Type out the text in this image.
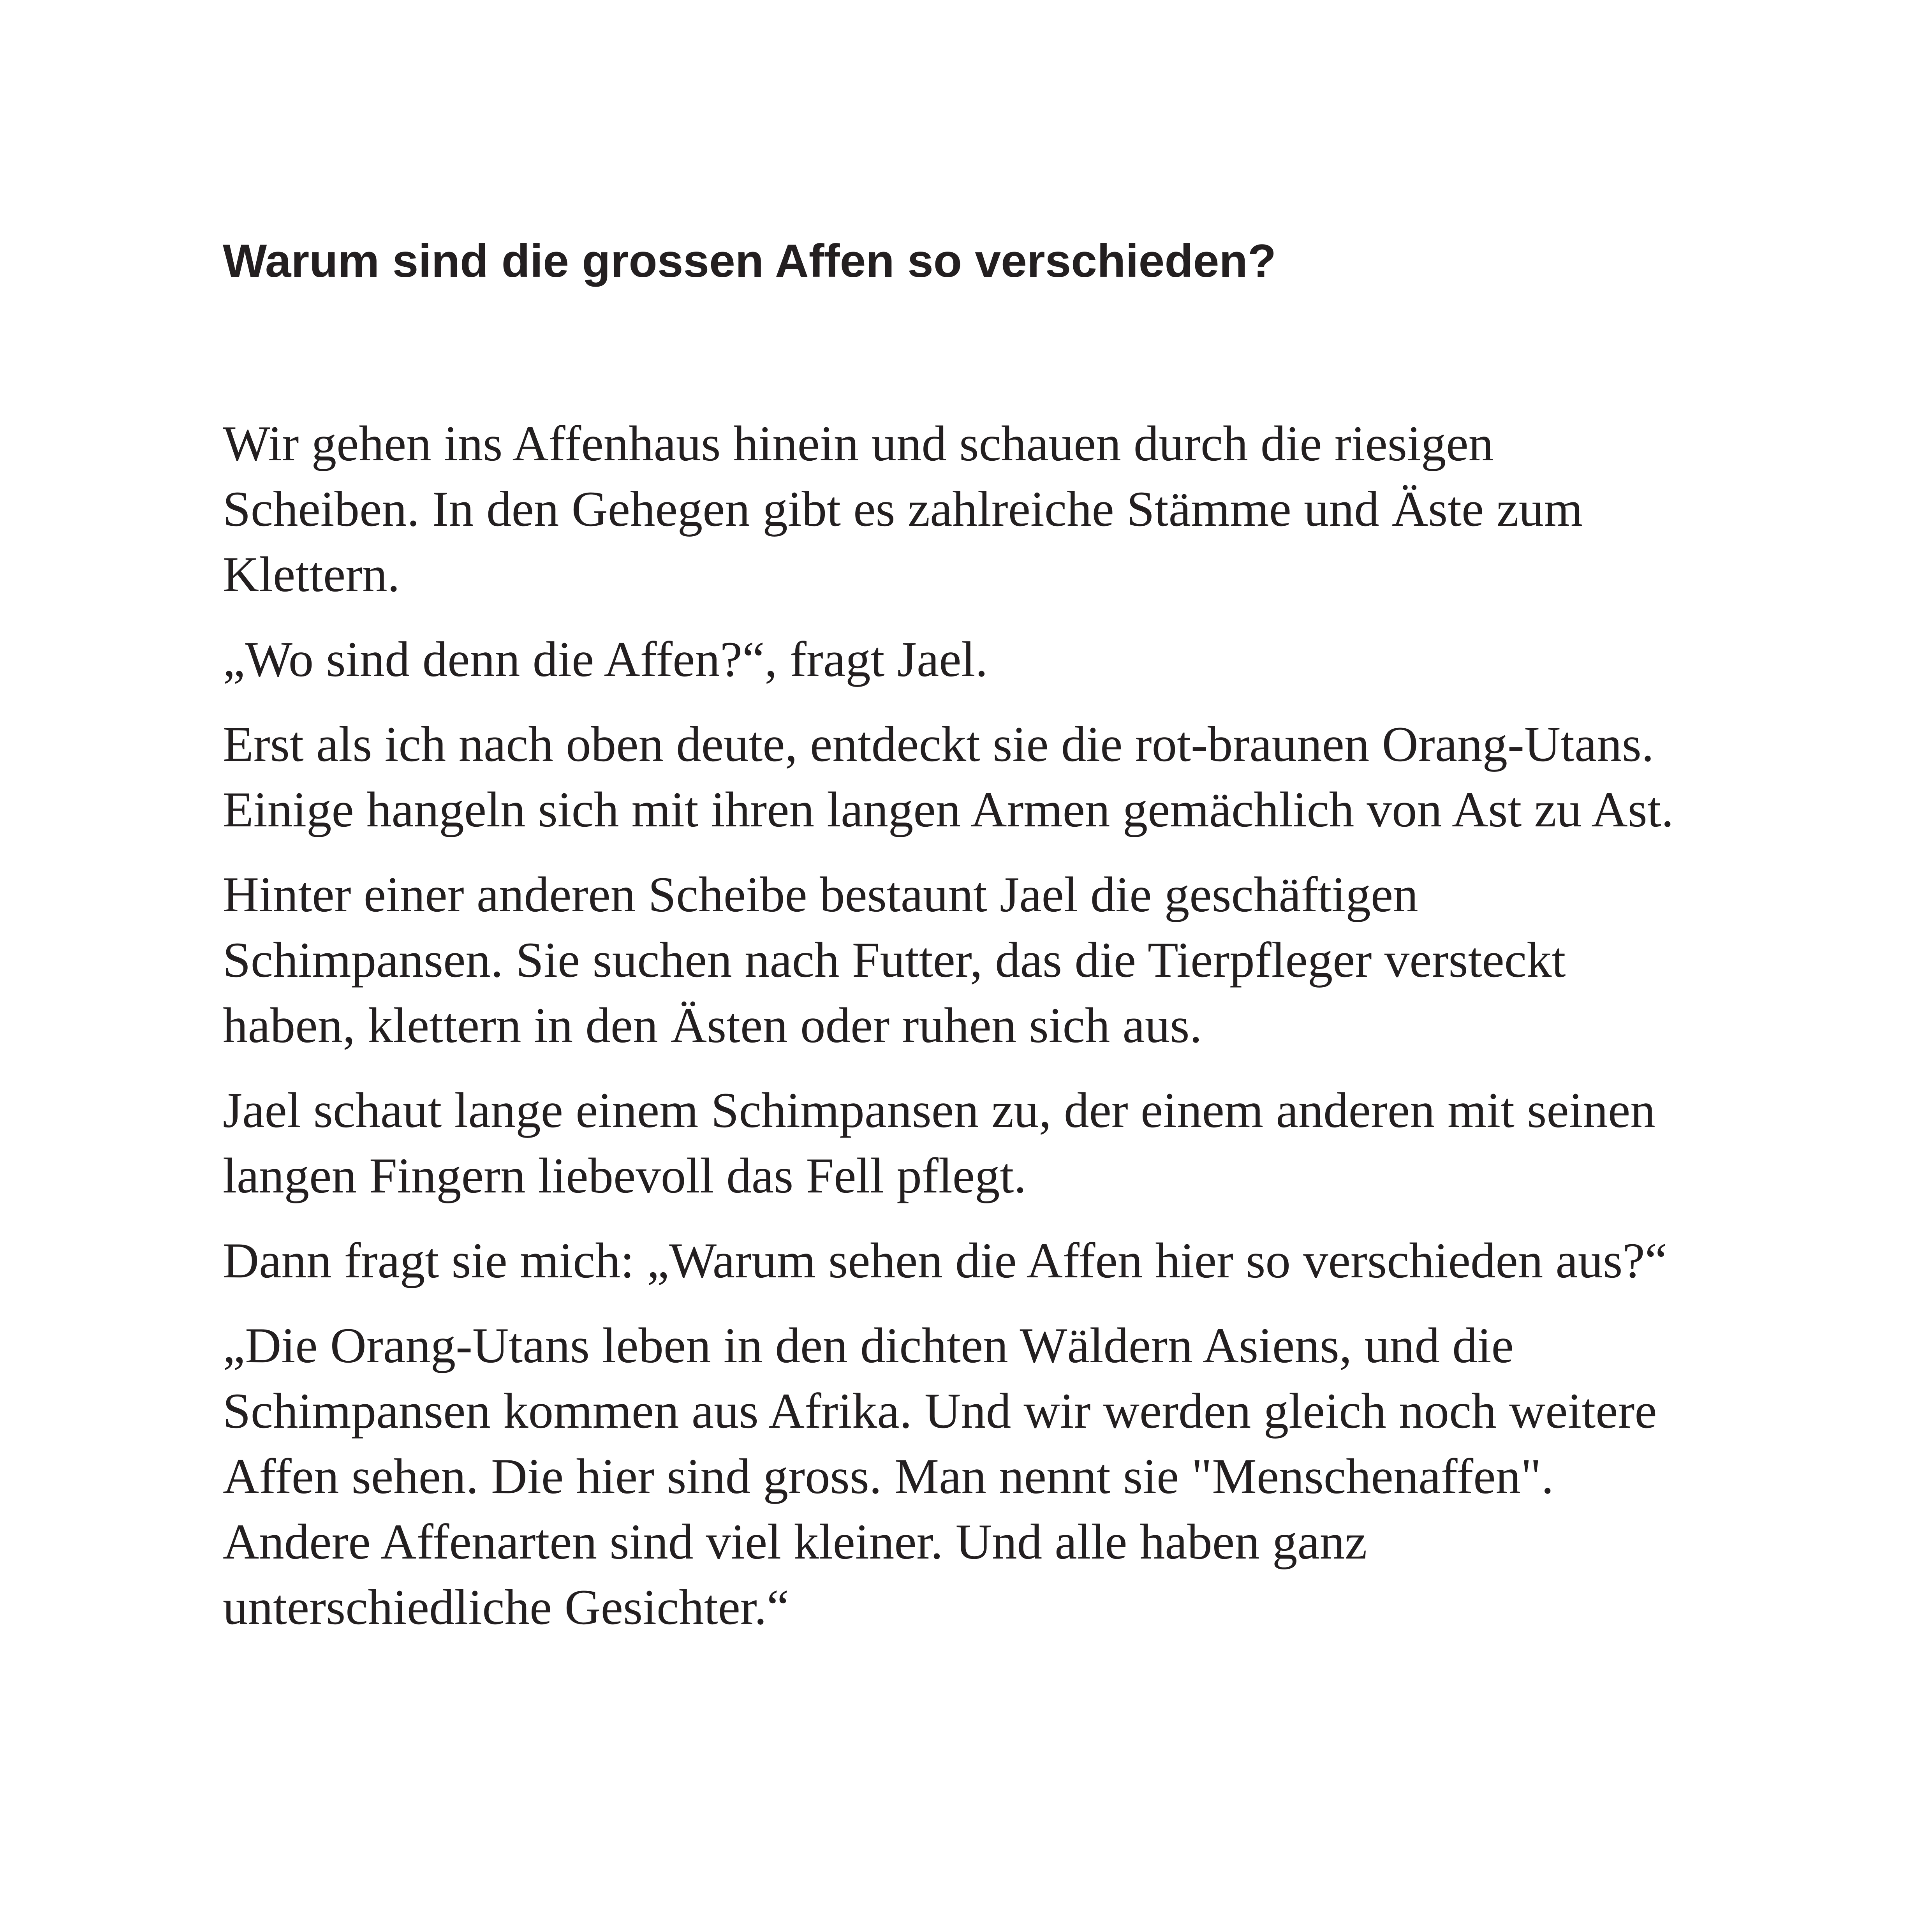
Warum sind die grossen Affen so verschieden?

Wir gehen ins Affenhaus hinein und schauen durch die riesigen
Scheiben. In den Gehegen gibt es zahlreiche Stämme und Äste zum
Klettern.

„Wo sind denn die Affen?“, fragt Jael.

Erst als ich nach oben deute, entdeckt sie die rot-braunen Orang-Utans.
Einige hangeln sich mit ihren langen Armen gemächlich von Ast zu Ast.

Hinter einer anderen Scheibe bestaunt Jael die geschäftigen
Schimpansen. Sie suchen nach Futter, das die Tierpfleger versteckt
haben, klettern in den Ästen oder ruhen sich aus.

Jael schaut lange einem Schimpansen zu, der einem anderen mit seinen
langen Fingern liebevoll das Fell pflegt.

Dann fragt sie mich: „Warum sehen die Affen hier so verschieden aus?“

„Die Orang-Utans leben in den dichten Wäldern Asiens, und die
Schimpansen kommen aus Afrika. Und wir werden gleich noch weitere
Affen sehen. Die hier sind gross. Man nennt sie "Menschenaffen".
Andere Affenarten sind viel kleiner. Und alle haben ganz
unterschiedliche Gesichter.“
